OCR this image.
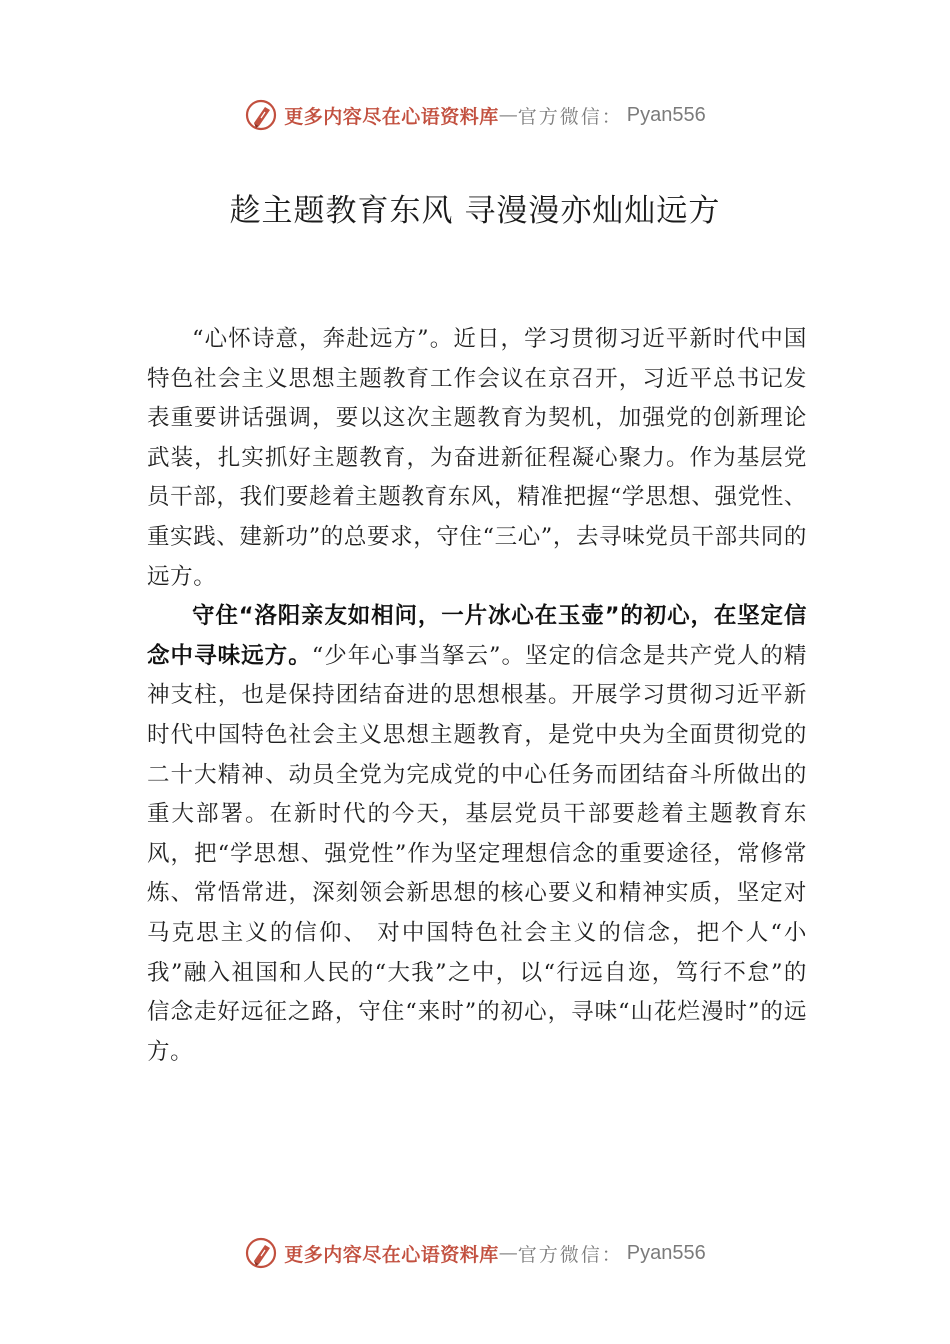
更多内容尽在心语资料库 — 官方微信： Pyan556
趁主题教育东风 寻漫漫亦灿灿远方

“心怀诗意，奔赴远方”。近日，学习贯彻习近平新时代中国特色社会主义思想主题教育工作会议在京召开，习近平总书记发表重要讲话强调，要以这次主题教育为契机，加强党的创新理论武装，扎实抓好主题教育，为奋进新征程凝心聚力。作为基层党员干部，我们要趁着主题教育东风，精准把握“学思想、强党性、重实践、建新功”的总要求，守住“三心”，去寻味党员干部共同的远方。

守住“洛阳亲友如相问，一片冰心在玉壶”的初心，在坚定信念中寻味远方。“少年心事当拏云”。坚定的信念是共产党人的精神支柱，也是保持团结奋进的思想根基。开展学习贯彻习近平新时代中国特色社会主义思想主题教育，是党中央为全面贯彻党的二十大精神、动员全党为完成党的中心任务而团结奋斗所做出的重大部署。在新时代的今天，基层党员干部要趁着主题教育东风，把“学思想、强党性”作为坚定理想信念的重要途径，常修常炼、常悟常进，深刻领会新思想的核心要义和精神实质，坚定对马克思主义的信仰、 对中国特色社会主义的信念，把个人“小我”融入祖国和人民的“大我”之中，以“行远自迩，笃行不怠”的信念走好远征之路，守住“来时”的初心，寻味“山花烂漫时”的远方。

更多内容尽在心语资料库 — 官方微信： Pyan556
